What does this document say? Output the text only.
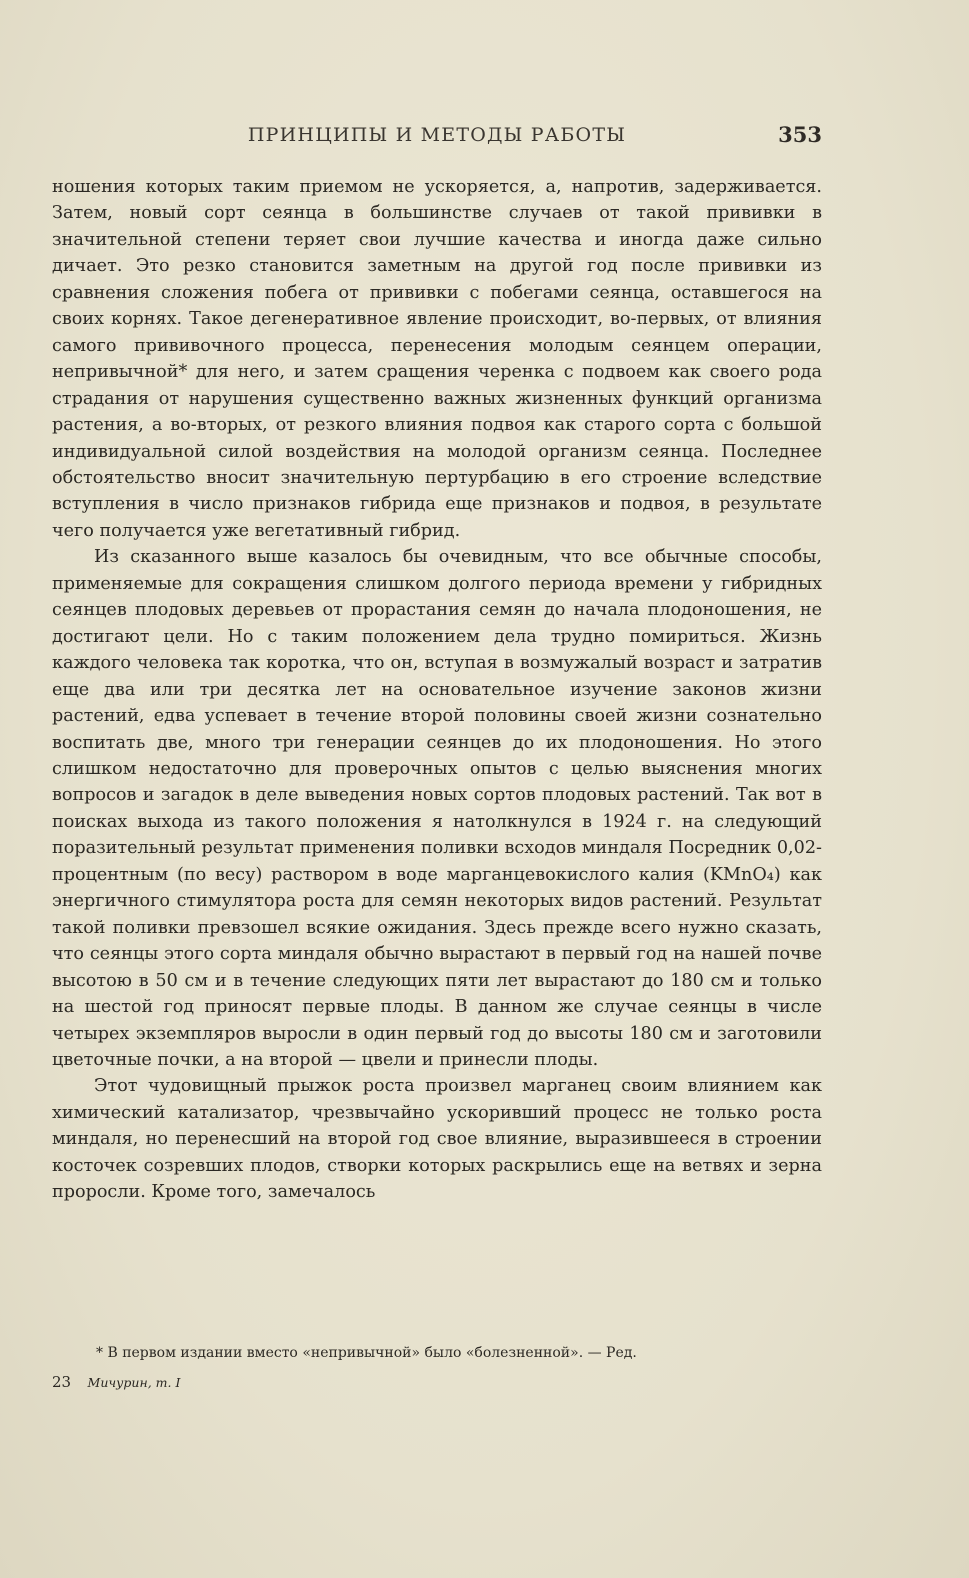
ПРИНЦИПЫ И МЕТОДЫ РАБОТЫ	353

ношения которых таким приемом не ускоряется, а, напротив, задерживается. Затем, новый сорт сеянца в большинстве случаев от такой прививки в значительной степени теряет свои лучшие качества и иногда даже сильно дичает. Это резко становится заметным на другой год после прививки из сравнения сложения побега от прививки с побегами сеянца, оставшегося на своих корнях. Такое дегенеративное явление происходит, во-первых, от влияния самого прививочного процесса, перенесения молодым сеянцем операции, непривычной* для него, и затем сращения черенка с подвоем как своего рода страдания от нарушения существенно важных жизненных функций организма растения, а во-вторых, от резкого влияния подвоя как старого сорта с большой индивидуальной силой воздействия на молодой организм сеянца. Последнее обстоятельство вносит значительную пертурбацию в его строение вследствие вступления в число признаков гибрида еще признаков и подвоя, в результате чего получается уже вегетативный гибрид.

Из сказанного выше казалось бы очевидным, что все обычные способы, применяемые для сокращения слишком долгого периода времени у гибридных сеянцев плодовых деревьев от прорастания семян до начала плодоношения, не достигают цели. Но с таким положением дела трудно помириться. Жизнь каждого человека так коротка, что он, вступая в возмужалый возраст и затратив еще два или три десятка лет на основательное изучение законов жизни растений, едва успевает в течение второй половины своей жизни сознательно воспитать две, много три генерации сеянцев до их плодоношения. Но этого слишком недостаточно для проверочных опытов с целью выяснения многих вопросов и загадок в деле выведения новых сортов плодовых растений. Так вот в поисках выхода из такого положения я натолкнулся в 1924 г. на следующий поразительный результат применения поливки всходов миндаля Посредник 0,02-процентным (по весу) раствором в воде марганцевокислого калия (KMnO₄) как энергичного стимулятора роста для семян некоторых видов растений. Результат такой поливки превзошел всякие ожидания. Здесь прежде всего нужно сказать, что сеянцы этого сорта миндаля обычно вырастают в первый год на нашей почве высотою в 50 см и в течение следующих пяти лет вырастают до 180 см и только на шестой год приносят первые плоды. В данном же случае сеянцы в числе четырех экземпляров выросли в один первый год до высоты 180 см и заготовили цветочные почки, а на второй — цвели и принесли плоды.

Этот чудовищный прыжок роста произвел марганец своим влиянием как химический катализатор, чрезвычайно ускоривший процесс не только роста миндаля, но перенесший на второй год свое влияние, выразившееся в строении косточек созревших плодов, створки которых раскрылись еще на ветвях и зерна проросли. Кроме того, замечалось

* В первом издании вместо «непривычной» было «болезненной». — Ред.
23 Мичурин, т. I
